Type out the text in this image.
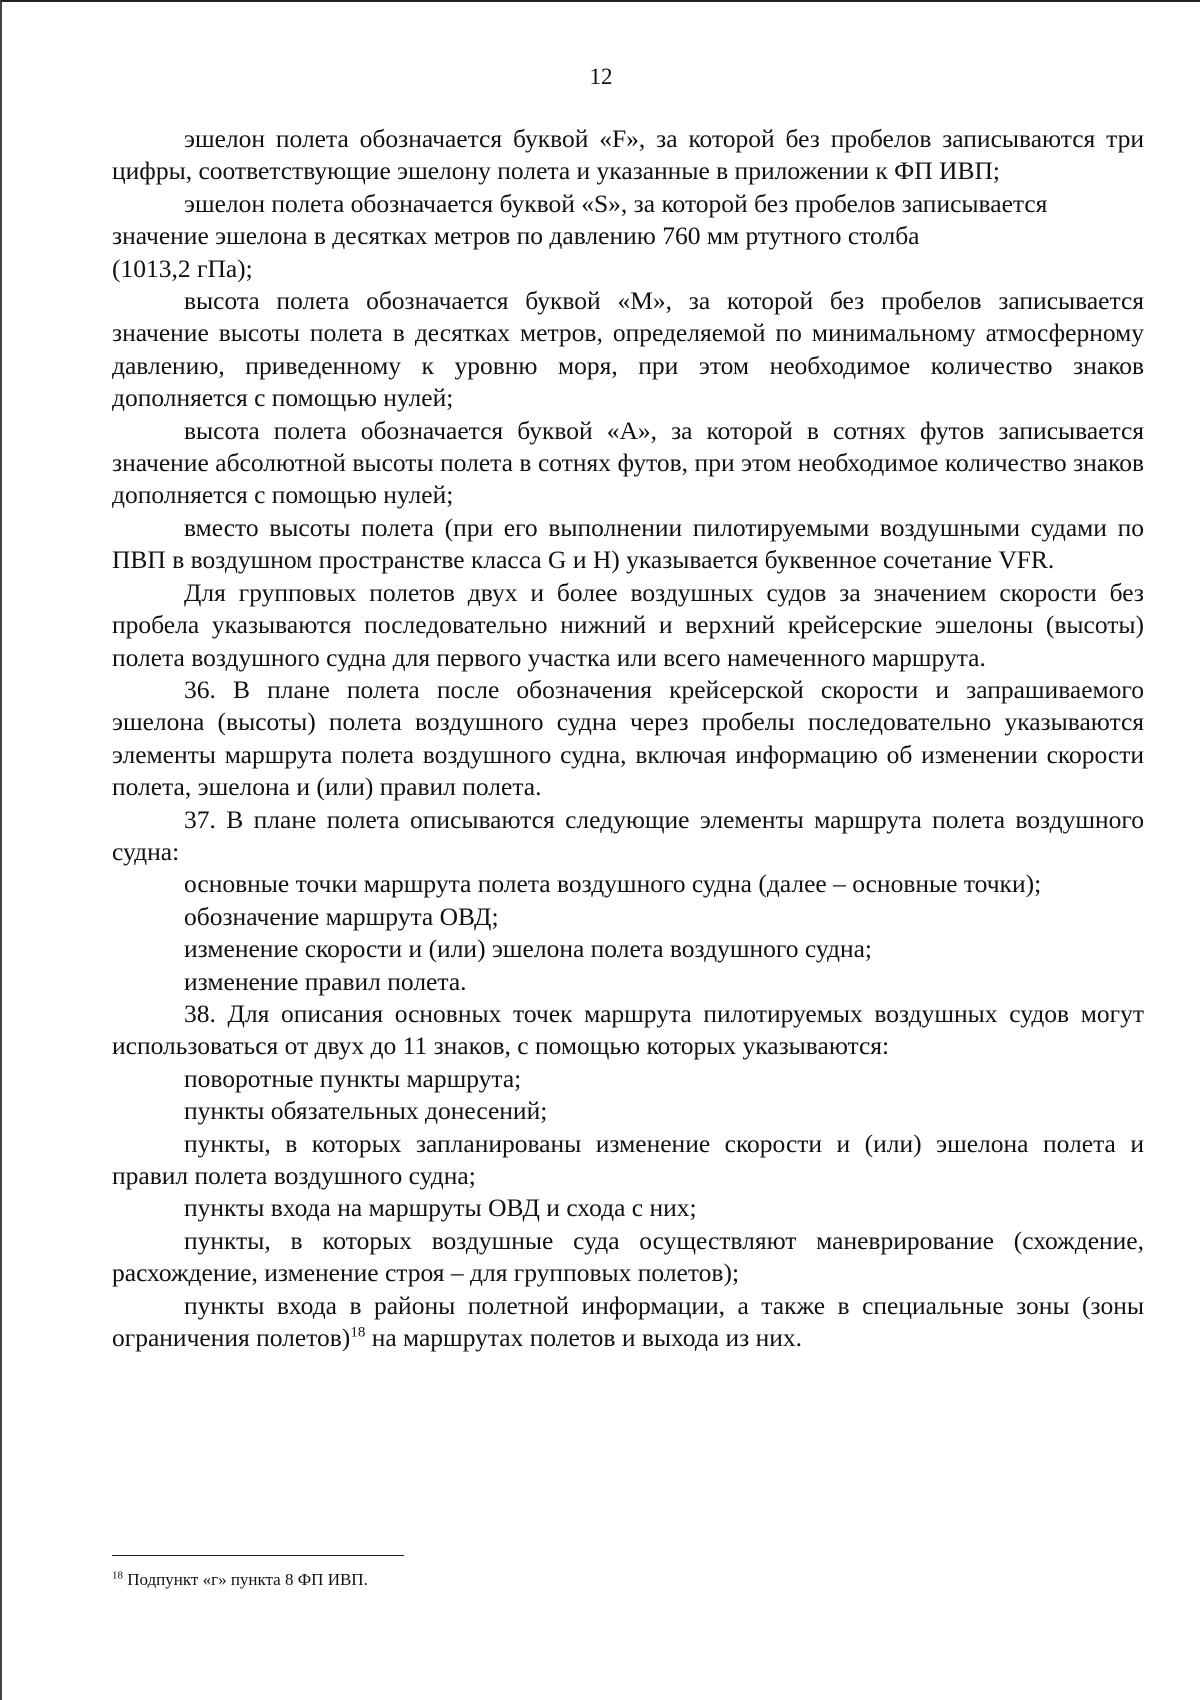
12

эшелон полета обозначается буквой «F», за которой без пробелов записываются три цифры, соответствующие эшелону полета и указанные в приложении к ФП ИВП;

эшелон полета обозначается буквой «S», за которой без пробелов записывается значение эшелона в десятках метров по давлению 760 мм ртутного столба

(1013,2 гПа);

высота полета обозначается буквой «M», за которой без пробелов записывается значение высоты полета в десятках метров, определяемой по минимальному атмосферному давлению, приведенному к уровню моря, при этом необходимое количество знаков дополняется с помощью нулей;

высота полета обозначается буквой «A», за которой в сотнях футов записывается значение абсолютной высоты полета в сотнях футов, при этом необходимое количество знаков дополняется с помощью нулей;

вместо высоты полета (при его выполнении пилотируемыми воздушными судами по ПВП в воздушном пространстве класса G и H) указывается буквенное сочетание VFR.

Для групповых полетов двух и более воздушных судов за значением скорости без пробела указываются последовательно нижний и верхний крейсерские эшелоны (высоты) полета воздушного судна для первого участка или всего намеченного маршрута.

36. В плане полета после обозначения крейсерской скорости и запрашиваемого эшелона (высоты) полета воздушного судна через пробелы последовательно указываются элементы маршрута полета воздушного судна, включая информацию об изменении скорости полета, эшелона и (или) правил полета.

37. В плане полета описываются следующие элементы маршрута полета воздушного судна:

основные точки маршрута полета воздушного судна (далее – основные точки);

обозначение маршрута ОВД;

изменение скорости и (или) эшелона полета воздушного судна;

изменение правил полета.

38. Для описания основных точек маршрута пилотируемых воздушных судов могут использоваться от двух до 11 знаков, с помощью которых указываются:

поворотные пункты маршрута;

пункты обязательных донесений;

пункты, в которых запланированы изменение скорости и (или) эшелона полета и правил полета воздушного судна;

пункты входа на маршруты ОВД и схода с них;

пункты, в которых воздушные суда осуществляют маневрирование (схождение, расхождение, изменение строя – для групповых полетов);

пункты входа в районы полетной информации, а также в специальные зоны (зоны ограничения полетов)$^{18}$ на маршрутах полетов и выхода из них.

$^{18}$ Подпункт «г» пункта 8 ФП ИВП.
